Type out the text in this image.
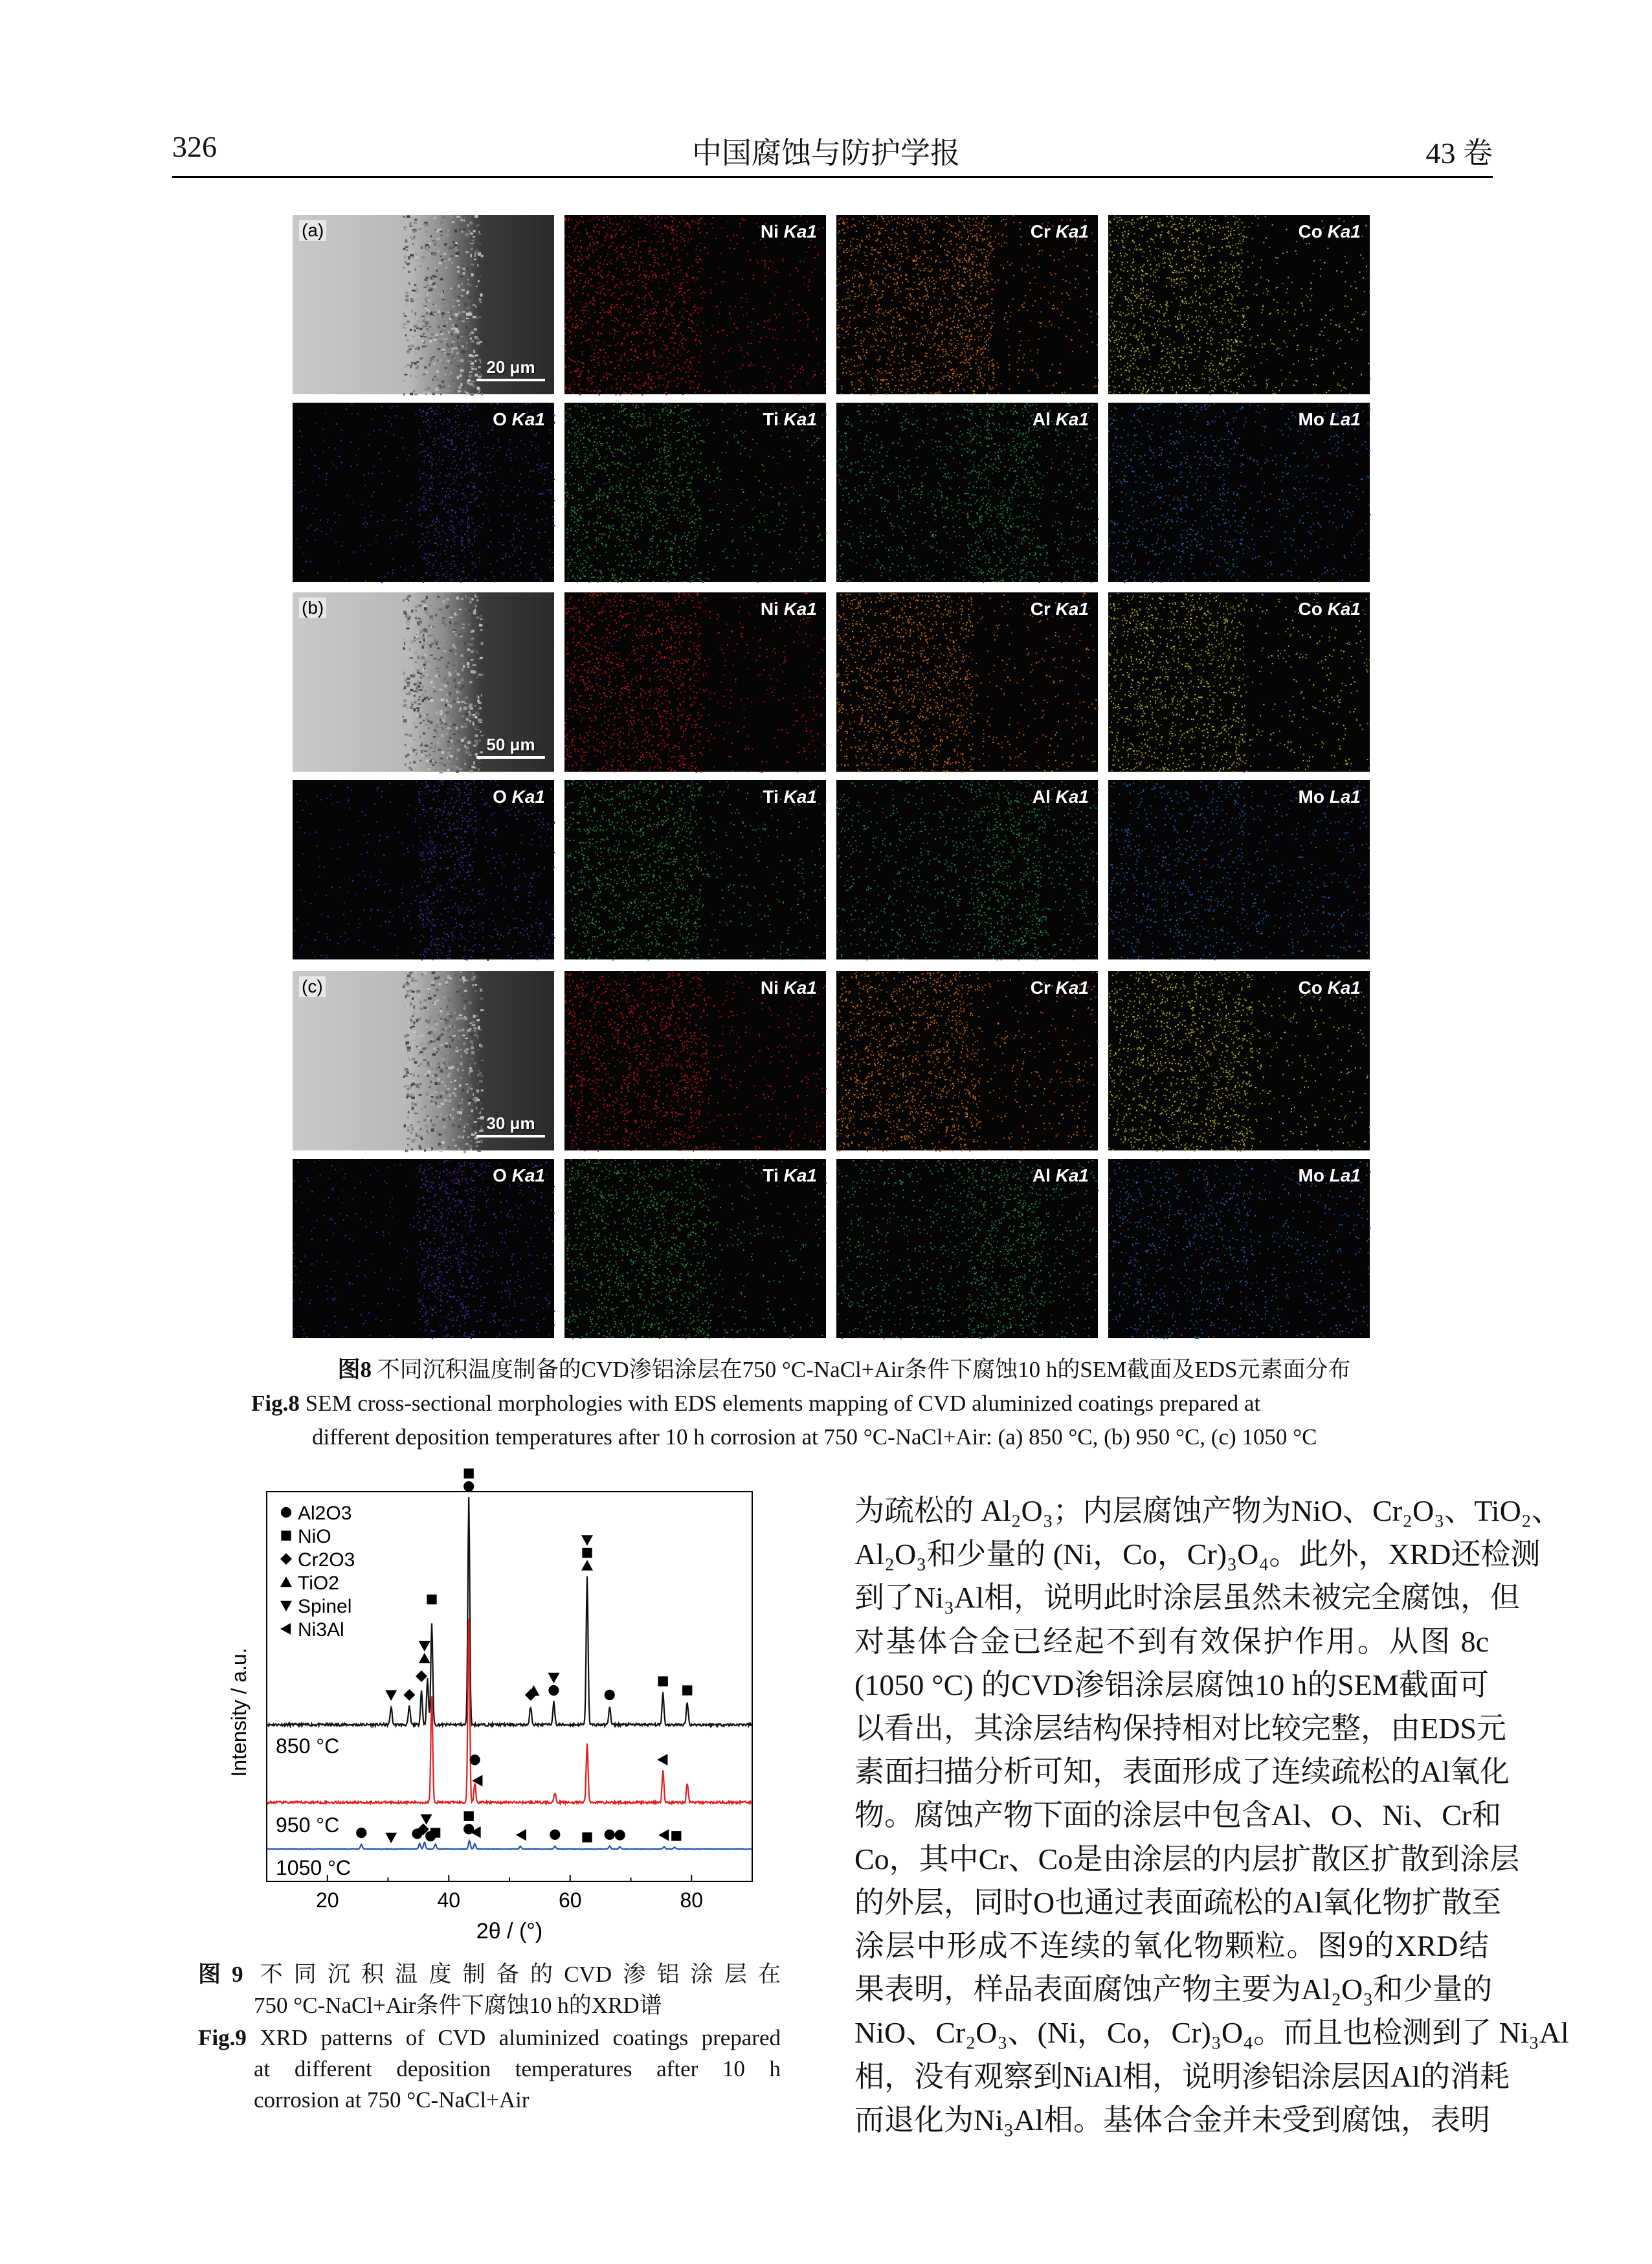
326	中国腐蚀与防护学报	43 卷
(a)
20 μm
Ni Ka1	Cr Ka1	Co Ka1
O Ka1	Ti Ka1	Al Ka1	Mo La1
(b)
50 μm
Ni Ka1	Cr Ka1	Co Ka1
O Ka1	Ti Ka1	Al Ka1	Mo La1
(c)
30 μm
Ni Ka1	Cr Ka1	Co Ka1
O Ka1	Ti Ka1	Al Ka1	Mo La1
图8 不同沉积温度制备的CVD渗铝涂层在750 °C-NaCl+Air条件下腐蚀10 h的SEM截面及EDS元素面分布
Fig.8 SEM cross-sectional morphologies with EDS elements mapping of CVD aluminized coatings prepared at
different deposition temperatures after 10 h corrosion at 750 °C-NaCl+Air: (a) 850 °C, (b) 950 °C, (c) 1050 °C
20	40	60	80
2θ / (°)
Intensity / a.u. 850 °C
950 °C
1050 °C
Al2O3
NiO
Cr2O3
TiO2
Spinel
Ni3Al
图9 不同沉积温度制备的CVD渗铝涂层在
750 °C-NaCl+Air条件下腐蚀10 h的XRD谱
Fig.9 XRD patterns of CVD aluminized coatings prepared
at different deposition temperatures after 10 h
corrosion at 750 °C-NaCl+Air
为疏松的 Al₂O₃；内层腐蚀产物为NiO、Cr₂O₃、TiO₂、
Al₂O₃和少量的 (Ni，Co，Cr)₃O₄。此外，XRD还检测
到了Ni₃Al相，说明此时涂层虽然未被完全腐蚀，但
对基体合金已经起不到有效保护作用。从图 8c
(1050 °C) 的CVD渗铝涂层腐蚀10 h的SEM截面可
以看出，其涂层结构保持相对比较完整，由EDS元
素面扫描分析可知，表面形成了连续疏松的Al氧化
物。腐蚀产物下面的涂层中包含Al、O、Ni、Cr和
Co，其中Cr、Co是由涂层的内层扩散区扩散到涂层
的外层，同时O也通过表面疏松的Al氧化物扩散至
涂层中形成不连续的氧化物颗粒。图9的XRD结
果表明，样品表面腐蚀产物主要为Al₂O₃和少量的
NiO、Cr₂O₃、(Ni，Co，Cr)₃O₄。而且也检测到了 Ni₃Al
相，没有观察到NiAl相，说明渗铝涂层因Al的消耗
而退化为Ni₃Al相。基体合金并未受到腐蚀，表明
